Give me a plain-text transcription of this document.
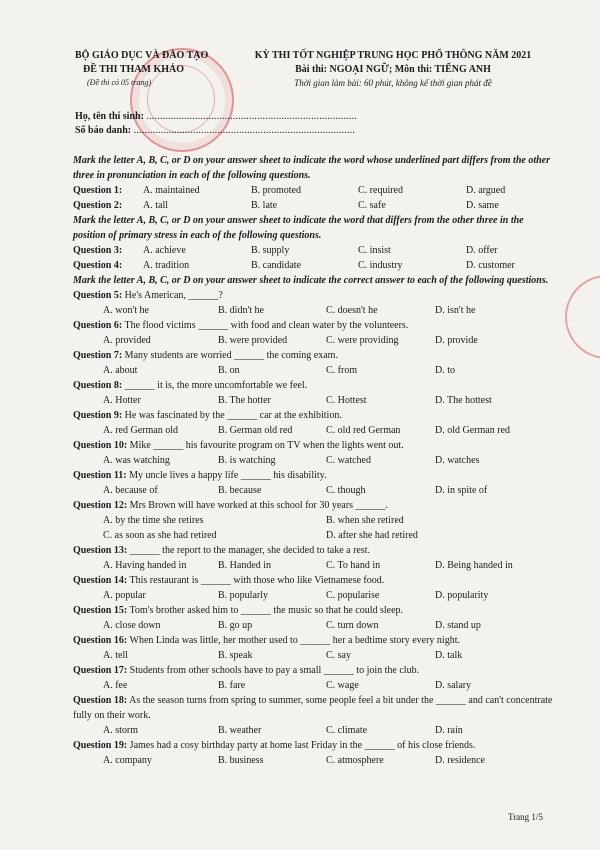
BỘ GIÁO DỤC VÀ ĐÀO TẠO
ĐỀ THI THAM KHẢO
(Đề thi có 05 trang)
KỲ THI TỐT NGHIỆP TRUNG HỌC PHỔ THÔNG NĂM 2021
Bài thi: NGOẠI NGỮ; Môn thi: TIẾNG ANH
Thời gian làm bài: 60 phút, không kể thời gian phát đề
Họ, tên thí sinh: ..............................................................................
Số báo danh: ..................................................................................
Mark the letter A, B, C, or D on your answer sheet to indicate the word whose underlined part differs from the other three in pronunciation in each of the following questions.
Question 1: A. maintained	B. promoted	C. required	D. argued
Question 2: A. tall	B. late	C. safe	D. same
Mark the letter A, B, C, or D on your answer sheet to indicate the word that differs from the other three in the position of primary stress in each of the following questions.
Question 3: A. achieve	B. supply	C. insist	D. offer
Question 4: A. tradition	B. candidate	C. industry	D. customer
Mark the letter A, B, C, or D on your answer sheet to indicate the correct answer to each of the following questions.
Question 5: He's American, ______?
A. won't he	B. didn't he	C. doesn't he	D. isn't he
Question 6: The flood victims ______ with food and clean water by the volunteers.
A. provided	B. were provided	C. were providing	D. provide
Question 7: Many students are worried ______ the coming exam.
A. about	B. on	C. from	D. to
Question 8: ______ it is, the more uncomfortable we feel.
A. Hotter	B. The hotter	C. Hottest	D. The hottest
Question 9: He was fascinated by the ______ car at the exhibition.
A. red German old	B. German old red	C. old red German	D. old German red
Question 10: Mike ______ his favourite program on TV when the lights went out.
A. was watching	B. is watching	C. watched	D. watches
Question 11: My uncle lives a happy life ______ his disability.
A. because of	B. because	C. though	D. in spite of
Question 12: Mrs Brown will have worked at this school for 30 years ______.
A. by the time she retires	B. when she retired
C. as soon as she had retired	D. after she had retired
Question 13: ______ the report to the manager, she decided to take a rest.
A. Having handed in	B. Handed in	C. To hand in	D. Being handed in
Question 14: This restaurant is ______ with those who like Vietnamese food.
A. popular	B. popularly	C. popularise	D. popularity
Question 15: Tom's brother asked him to ______ the music so that he could sleep.
A. close down	B. go up	C. turn down	D. stand up
Question 16: When Linda was little, her mother used to ______ her a bedtime story every night.
A. tell	B. speak	C. say	D. talk
Question 17: Students from other schools have to pay a small ______ to join the club.
A. fee	B. fare	C. wage	D. salary
Question 18: As the season turns from spring to summer, some people feel a bit under the ______ and can't concentrate fully on their work.
A. storm	B. weather	C. climate	D. rain
Question 19: James had a cosy birthday party at home last Friday in the ______ of his close friends.
A. company	B. business	C. atmosphere	D. residence
Trang 1/5
